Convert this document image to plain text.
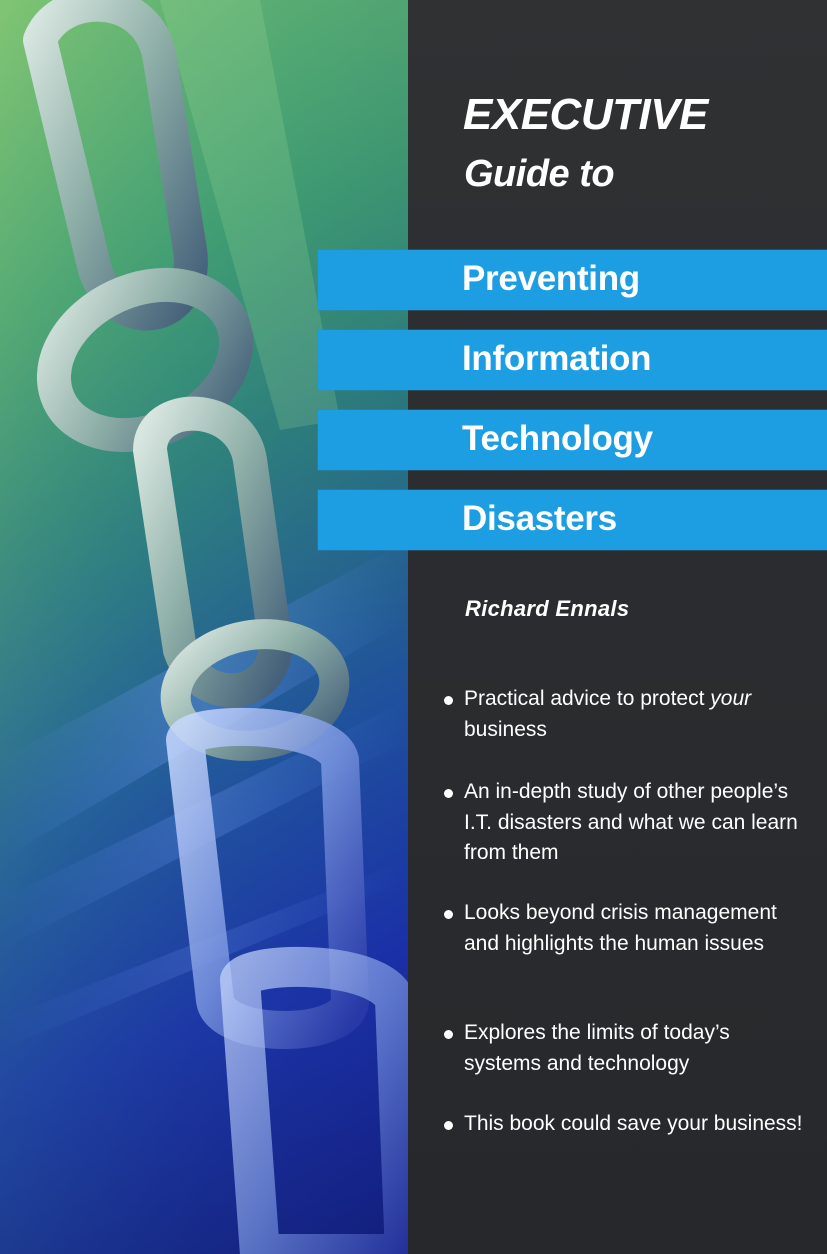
EXECUTIVE
Guide to
Preventing
Information
Technology
Disasters

Richard Ennals

Practical advice to protect your business
An in-depth study of other people’s I.T. disasters and what we can learn from them
Looks beyond crisis management and highlights the human issues
Explores the limits of today’s systems and technology
This book could save your business!
